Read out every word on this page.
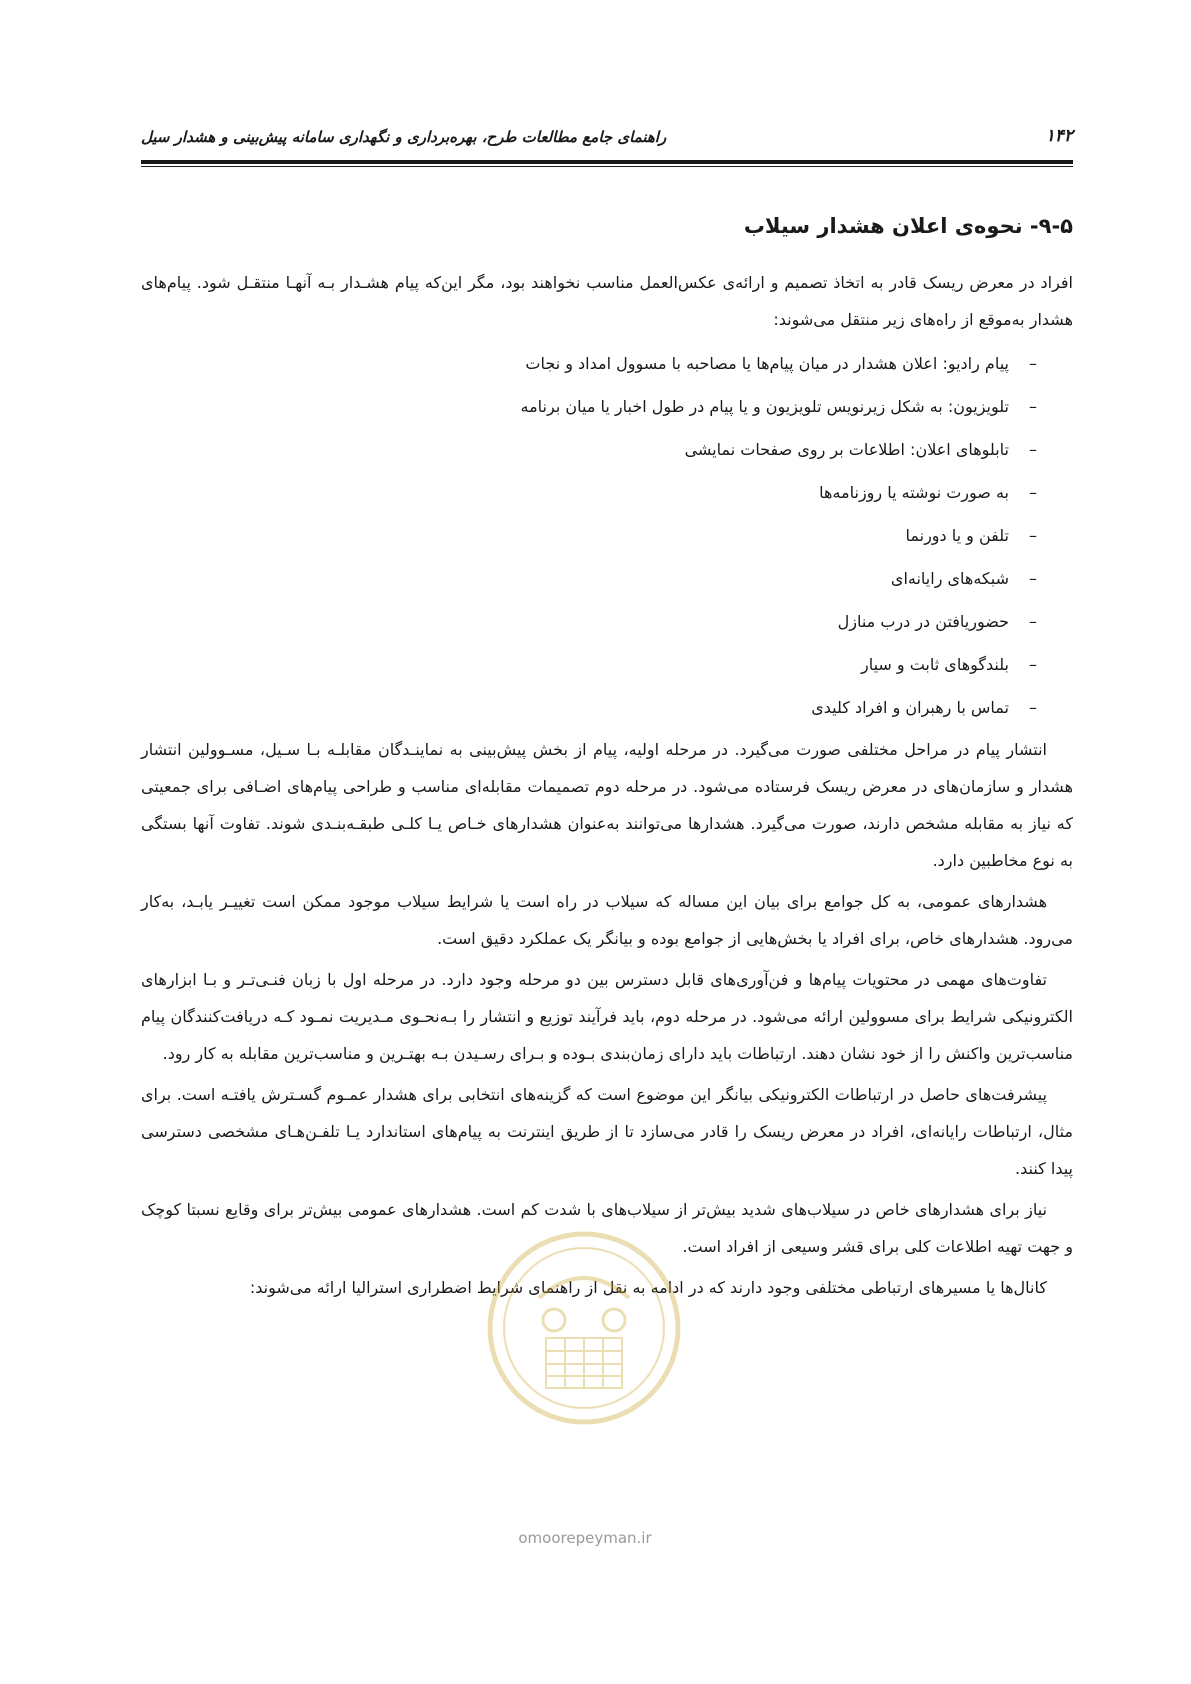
۱۴۲
راهنمای جامع مطالعات طرح، بهره‌برداری و نگهداری سامانه پیش‌بینی و هشدار سیل
۹-۵- نحوه‌ی اعلان هشدار سیلاب

افراد در معرض ریسک قادر به اتخاذ تصمیم و ارائه‌ی عکس‌العمل مناسب نخواهند بود، مگر این‌که پیام هشـدار بـه آنهـا منتقـل شود. پیام‌های هشدار به‌موقع از راه‌های زیر منتقل می‌شوند:

–
پیام رادیو: اعلان هشدار در میان پیام‌ها یا مصاحبه با مسوول امداد و نجات
–
تلویزیون: به شکل زیرنویس تلویزیون و یا پیام در طول اخبار یا میان برنامه
–
تابلوهای اعلان: اطلاعات بر روی صفحات نمایشی
–
به صورت نوشته یا روزنامه‌ها
–
تلفن و یا دورنما
–
شبکه‌های رایانه‌ای
–
حضوریافتن در درب منازل
–
بلندگوهای ثابت و سیار
–
تماس با رهبران و افراد کلیدی

انتشار پیام در مراحل مختلفی صورت می‌گیرد. در مرحله اولیه، پیام از بخش پیش‌بینی به نماینـدگان مقابلـه بـا سـیل، مسـوولین انتشار هشدار و سازمان‌های در معرض ریسک فرستاده می‌شود. در مرحله دوم تصمیمات مقابله‌ای مناسب و طراحی پیام‌های اضـافی برای جمعیتی که نیاز به مقابله مشخص دارند، صورت می‌گیرد. هشدارها می‌توانند به‌عنوان هشدارهای خـاص یـا کلـی طبقـه‌بنـدی شوند. تفاوت آنها بستگی به نوع مخاطبین دارد.

هشدارهای عمومی، به کل جوامع برای بیان این مساله که سیلاب در راه است یا شرایط سیلاب موجود ممکن است تغییـر یابـد، به‌کار می‌رود. هشدارهای خاص، برای افراد یا بخش‌هایی از جوامع بوده و بیانگر یک عملکرد دقیق است.

تفاوت‌های مهمی در محتویات پیام‌ها و فن‌آوری‌های قابل دسترس بین دو مرحله وجود دارد. در مرحله اول با زبان فنـی‌تـر و بـا ابزارهای الکترونیکی شرایط برای مسوولین ارائه می‌شود. در مرحله دوم، باید فرآیند توزیع و انتشار را بـه‌نحـوی مـدیریت نمـود کـه دریافت‌کنندگان پیام مناسب‌ترین واکنش را از خود نشان دهند. ارتباطات باید دارای زمان‌بندی بـوده و بـرای رسـیدن بـه بهتـرین و مناسب‌ترین مقابله به کار رود.

پیشرفت‌های حاصل در ارتباطات الکترونیکی بیانگر این موضوع است که گزینه‌های انتخابی برای هشدار عمـوم گسـترش یافتـه است. برای مثال، ارتباطات رایانه‌ای، افراد در معرض ریسک را قادر می‌سازد تا از طریق اینترنت به پیام‌های استاندارد یـا تلفـن‌هـای مشخصی دسترسی پیدا کنند.

نیاز برای هشدارهای خاص در سیلاب‌های شدید بیش‌تر از سیلاب‌های با شدت کم است. هشدارهای عمومی بیش‌تر برای وقایع نسبتا کوچک و جهت تهیه اطلاعات کلی برای قشر وسیعی از افراد است.

کانال‌ها یا مسیرهای ارتباطی مختلفی وجود دارند که در ادامه به نقل از راهنمای شرایط اضطراری استرالیا ارائه می‌شوند:

omoorepeyman.ir
